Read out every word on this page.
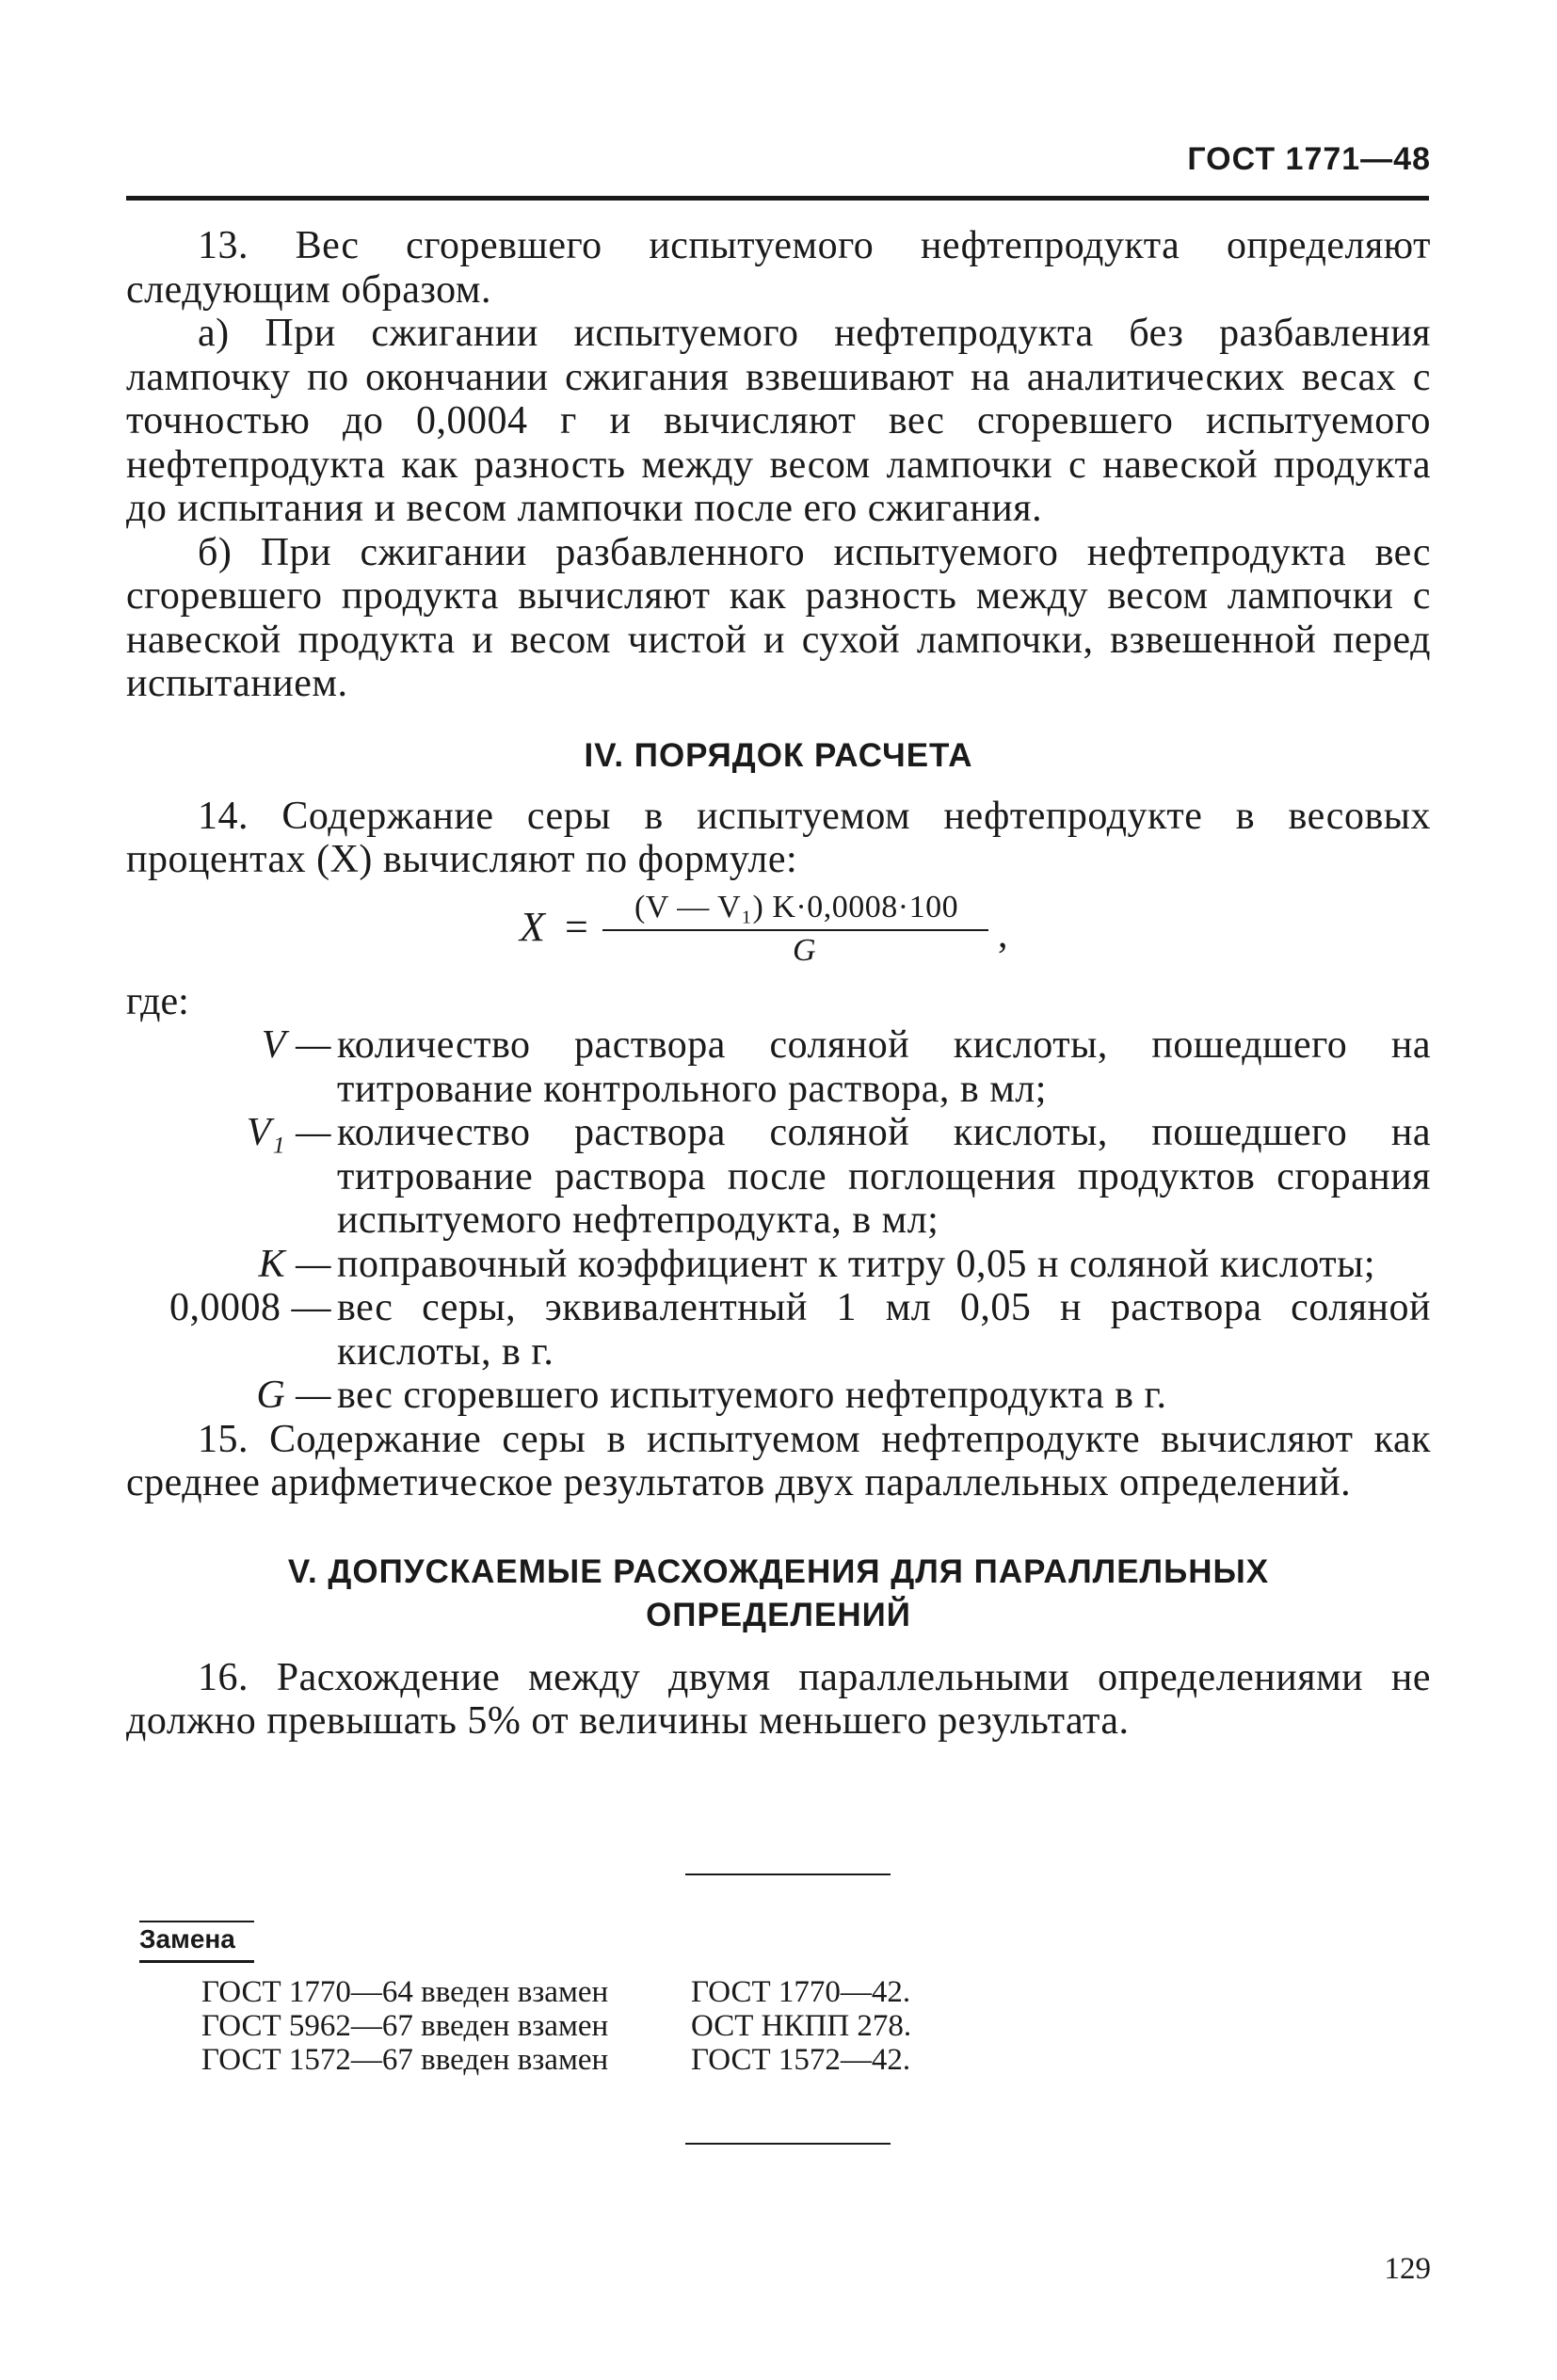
ГОСТ 1771—48

13. Вес сгоревшего испытуемого нефтепродукта определяют следующим образом.

а) При сжигании испытуемого нефтепродукта без разбавления лампочку по окончании сжигания взвешивают на аналитических весах с точностью до 0,0004 г и вычисляют вес сгоревшего испытуемого нефтепродукта как разность между весом лампочки с навеской продукта до испытания и весом лампочки после его сжигания.

б) При сжигании разбавленного испытуемого нефтепродукта вес сгоревшего продукта вычисляют как разность между весом лампочки с навеской продукта и весом чистой и сухой лампочки, взвешенной перед испытанием.

IV. ПОРЯДОК РАСЧЕТА

14. Содержание серы в испытуемом нефтепродукте в весовых процентах (X) вычисляют по формуле:

X = (V — V₁) K·0,0008·100
G	,

где:

V — количество раствора соляной кислоты, пошедшего на титрование контрольного раствора, в мл;
V₁ — количество раствора соляной кислоты, пошедшего на титрование раствора после поглощения продуктов сгорания испытуемого нефтепродукта, в мл;
K — поправочный коэффициент к титру 0,05 н соляной кислоты;
0,0008 — вес серы, эквивалентный 1 мл 0,05 н раствора соляной кислоты, в г.
G — вес сгоревшего испытуемого нефтепродукта в г.

15. Содержание серы в испытуемом нефтепродукте вычисляют как среднее арифметическое результатов двух параллельных определений.

V. ДОПУСКАЕМЫЕ РАСХОЖДЕНИЯ ДЛЯ ПАРАЛЛЕЛЬНЫХ
ОПРЕДЕЛЕНИЙ

16. Расхождение между двумя параллельными определениями не должно превышать 5% от величины меньшего результата.

Замена
ГОСТ 1770—64 введен взамен	ГОСТ 1770—42.
ГОСТ 5962—67 введен взамен	ОСТ НКПП 278.
ГОСТ 1572—67 введен взамен	ГОСТ 1572—42.
129
